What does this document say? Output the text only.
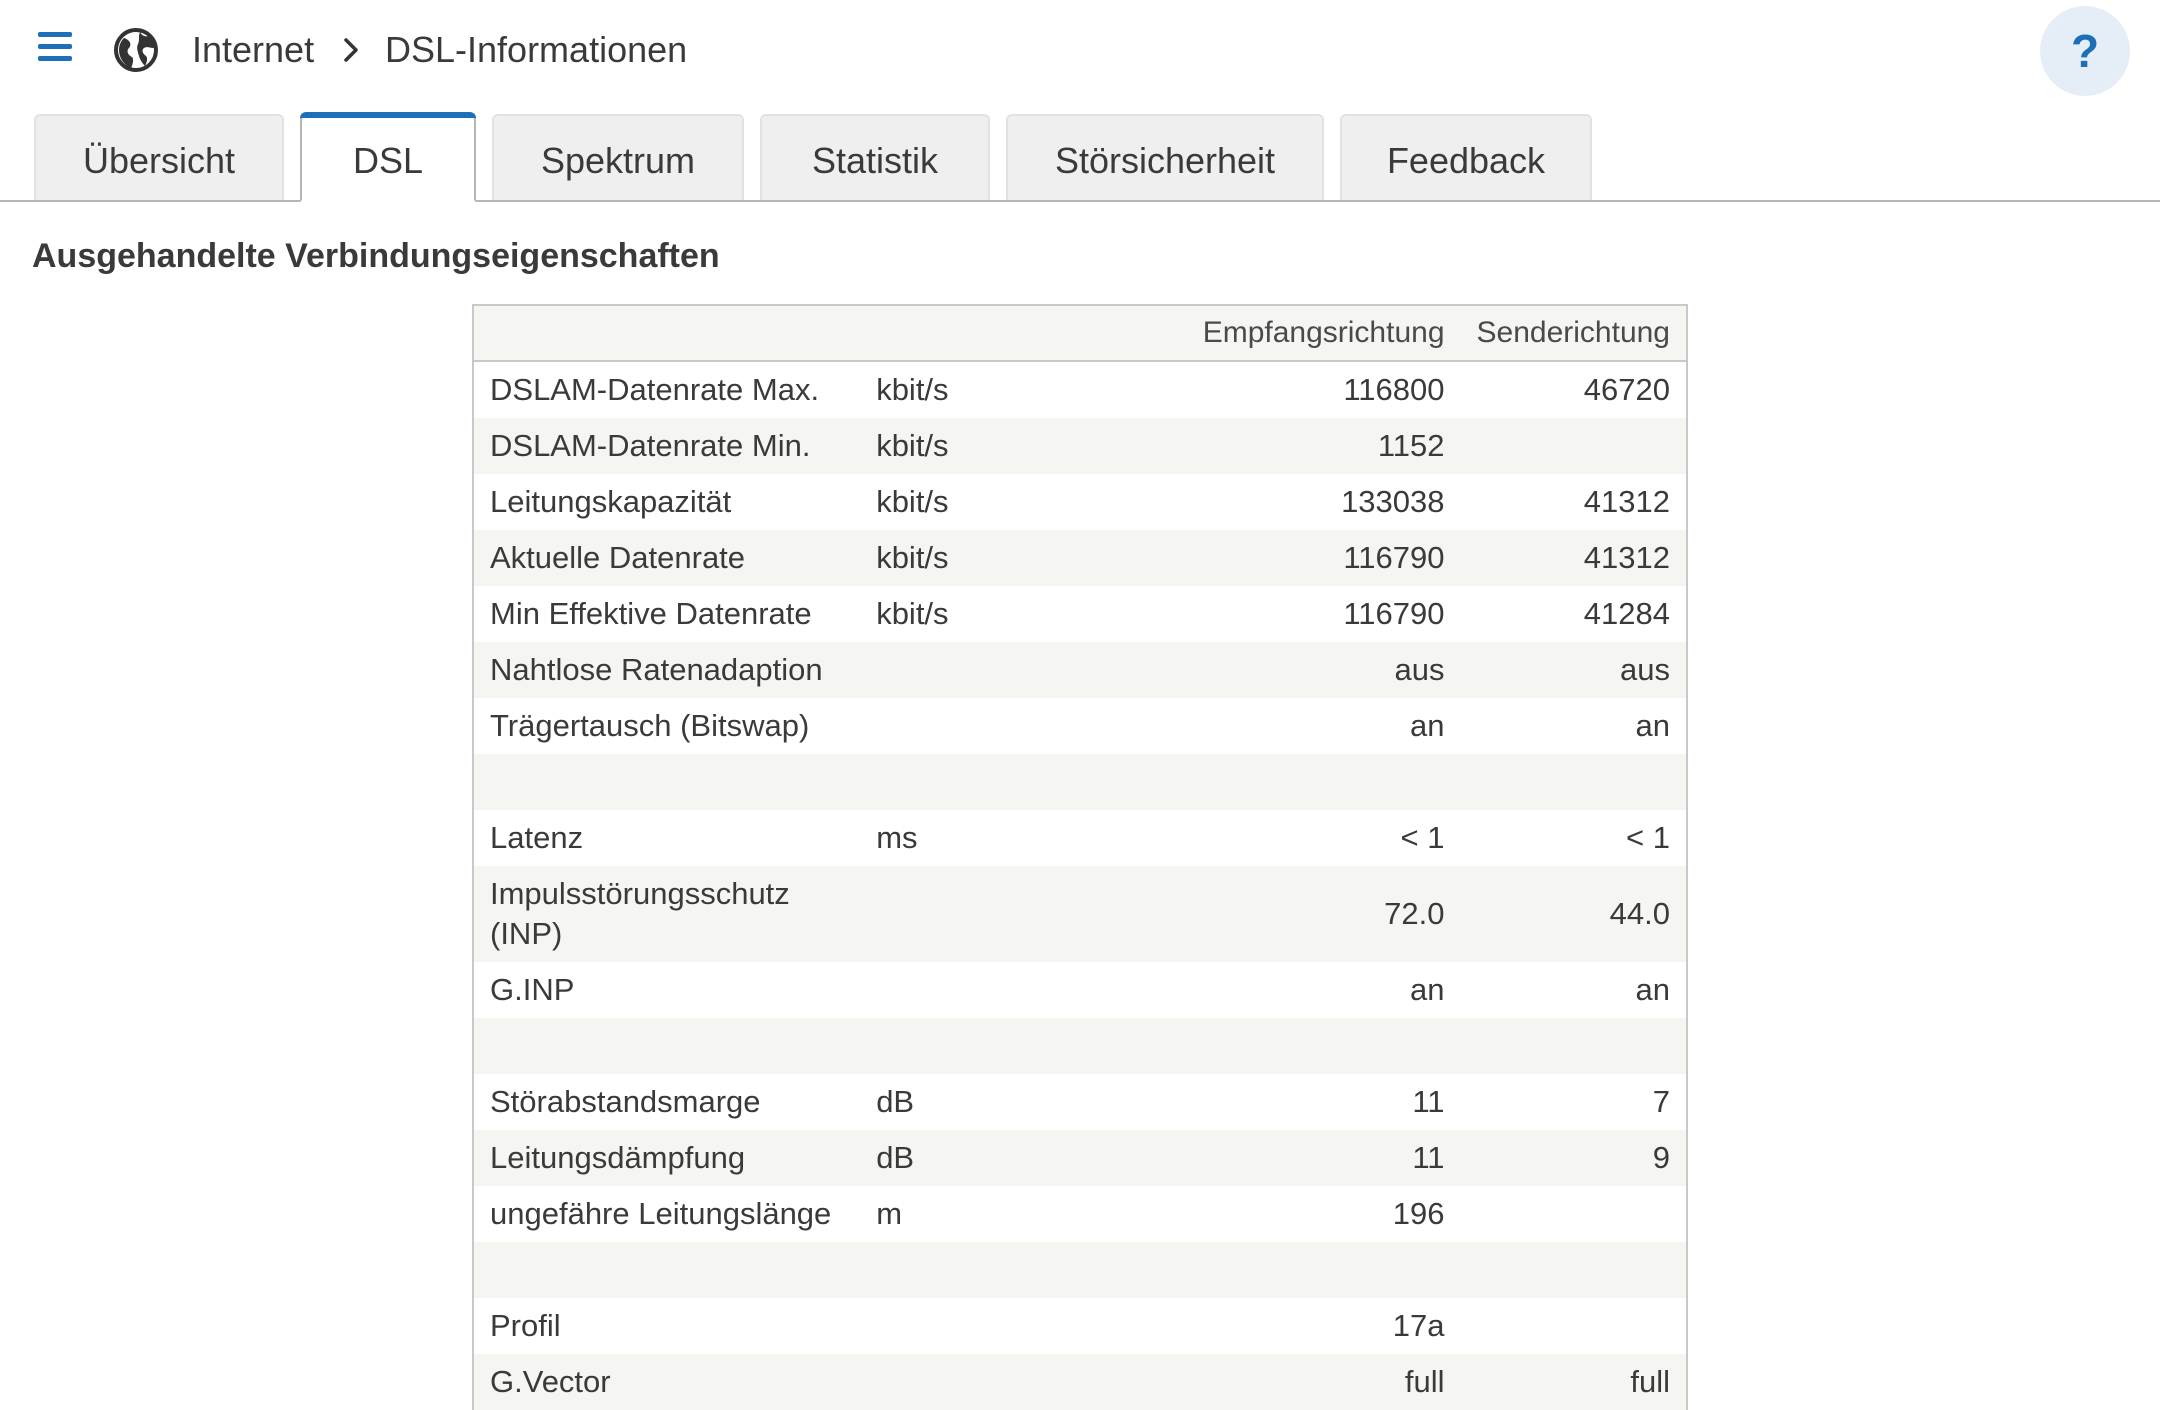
Internet DSL-Informationen	?
Übersicht	DSL	Spektrum	Statistik	Störsicherheit	Feedback
Ausgehandelte Verbindungseigenschaften
		Empfangsrichtung	Senderichtung
DSLAM-Datenrate Max.	kbit/s	116800	46720
DSLAM-Datenrate Min.	kbit/s	1152	
Leitungskapazität	kbit/s	133038	41312
Aktuelle Datenrate	kbit/s	116790	41312
Min Effektive Datenrate	kbit/s	116790	41284
Nahtlose Ratenadaption		aus	aus
Trägertausch (Bitswap)		an	an

Latenz	ms	< 1	< 1
Impulsstörungsschutz (INP)		72.0	44.0
G.INP		an	an

Störabstandsmarge	dB	11	7
Leitungsdämpfung	dB	11	9
ungefähre Leitungslänge	m	196	

Profil		17a	
G.Vector		full	full
